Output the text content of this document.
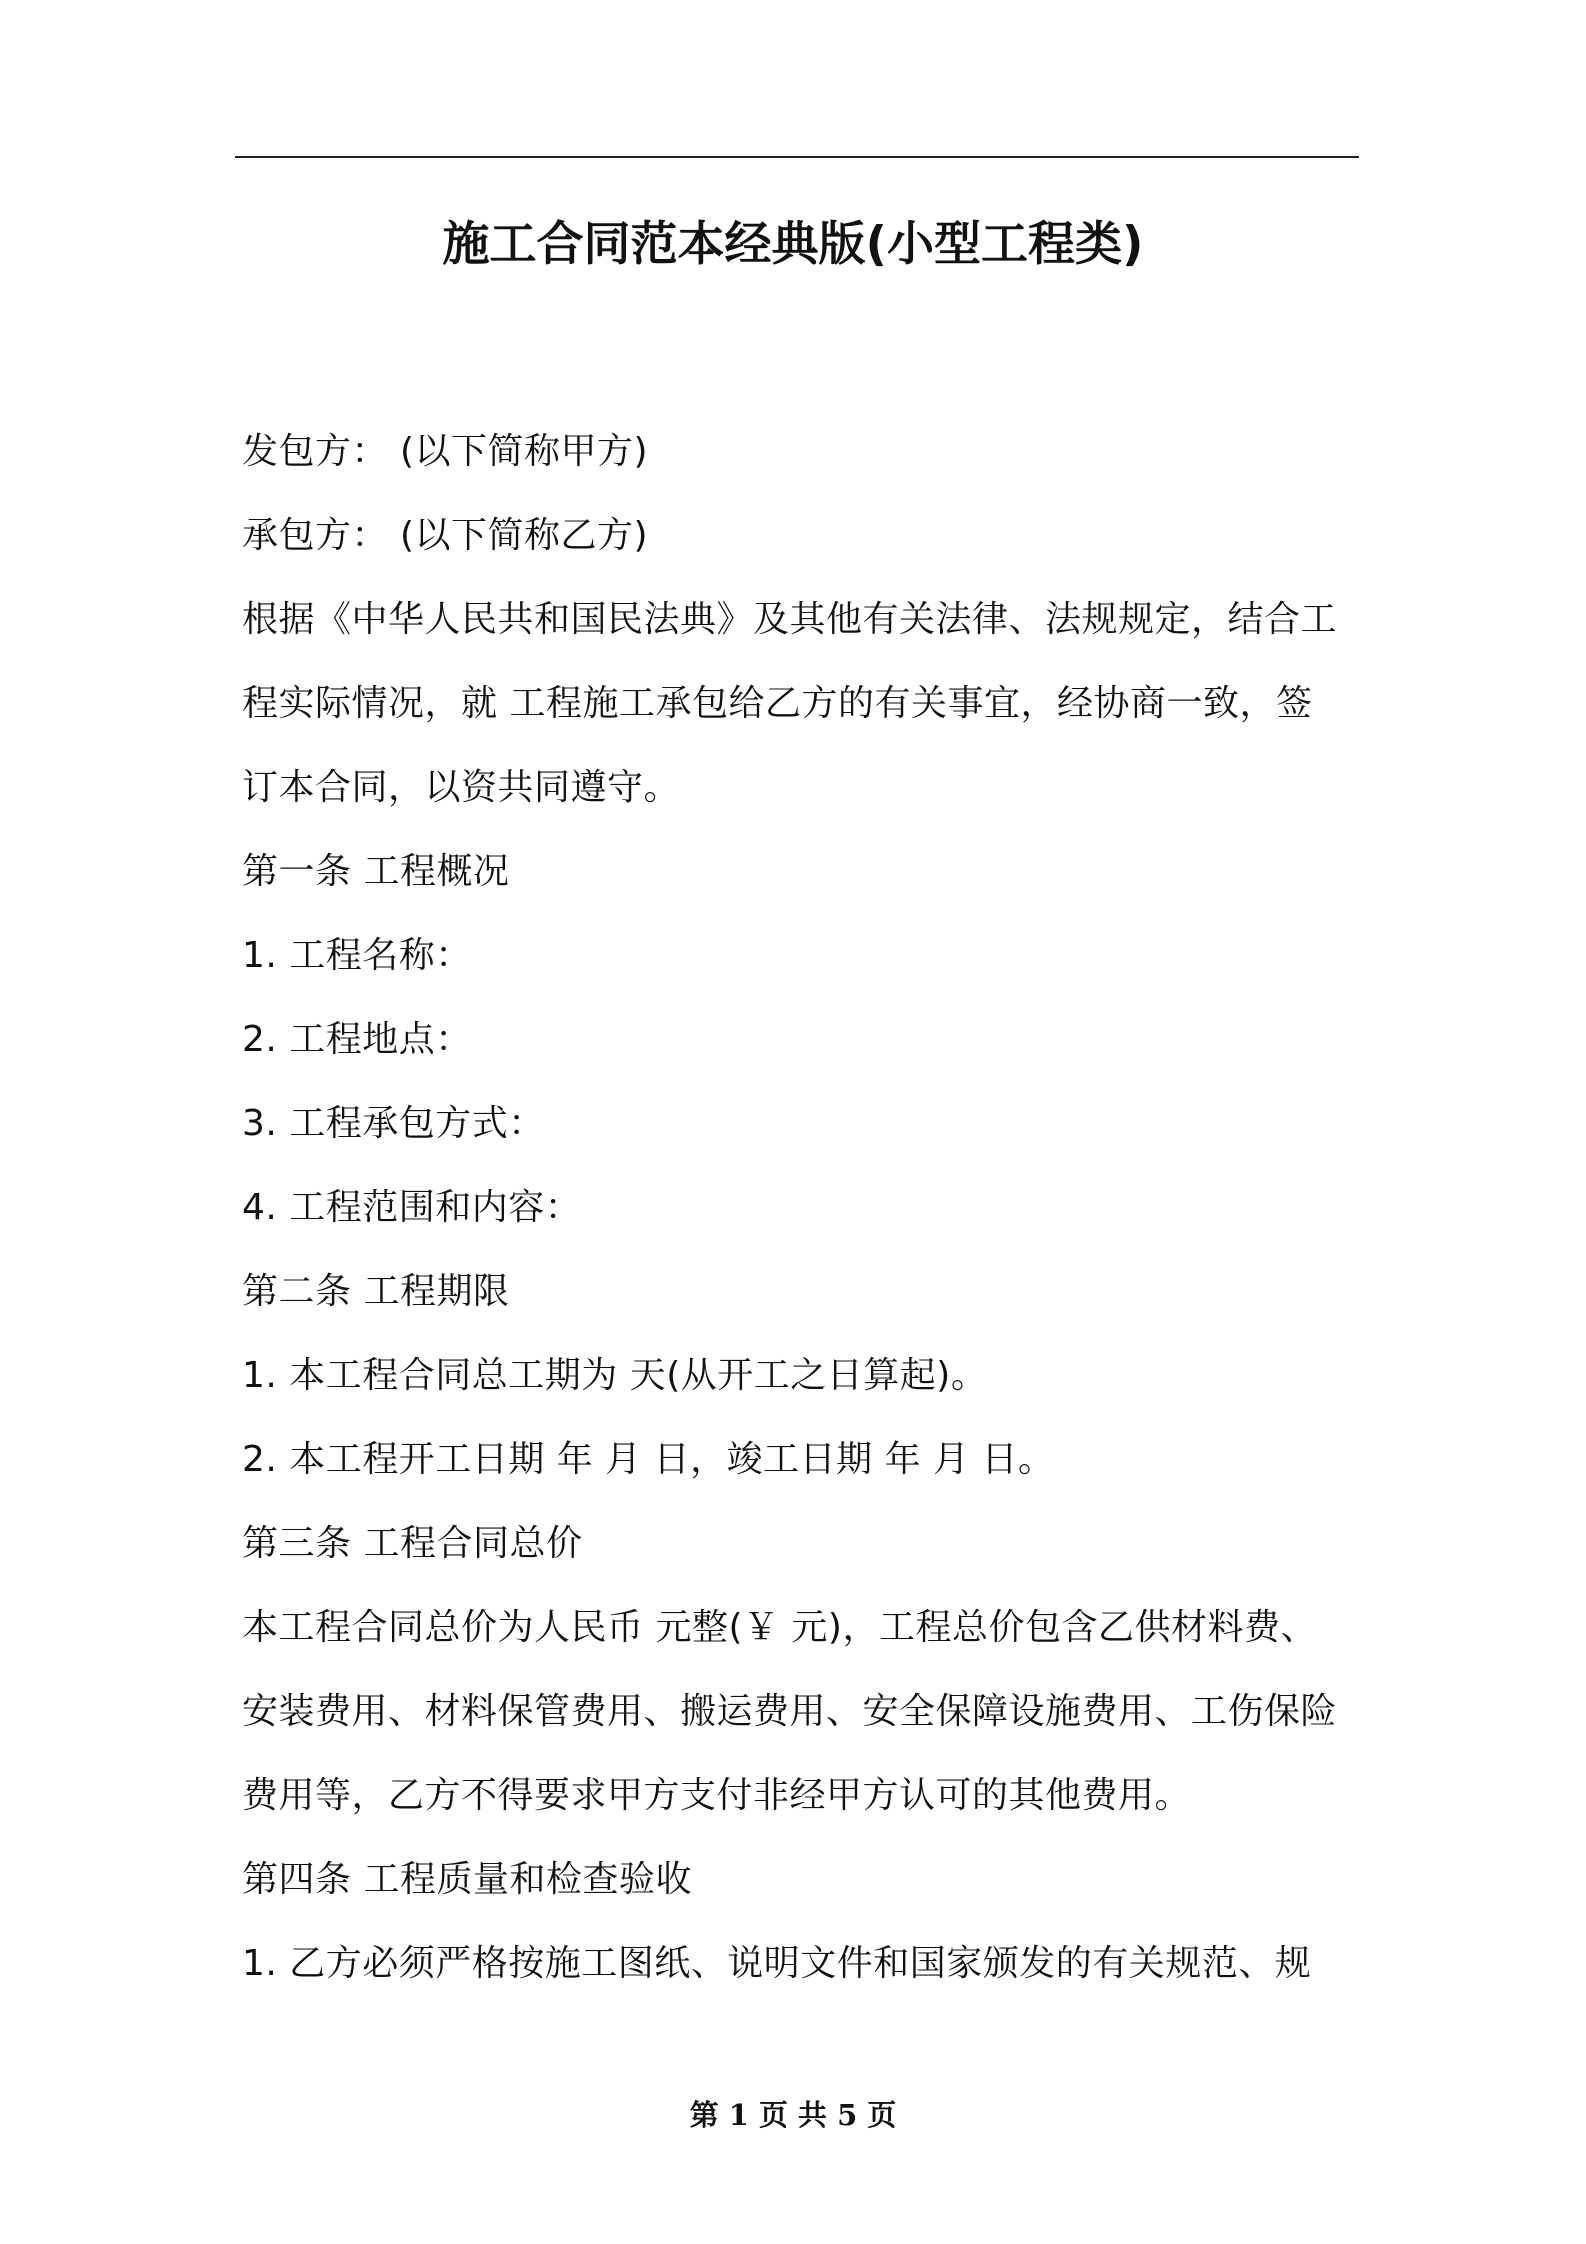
施工合同范本经典版(小型工程类)
发包方： (以下简称甲方)
承包方： (以下简称乙方)
根据《中华人民共和国民法典》及其他有关法律、法规规定，结合工
程实际情况，就 工程施工承包给乙方的有关事宜，经协商一致，签
订本合同，以资共同遵守。
第一条 工程概况
1. 工程名称：
2. 工程地点：
3. 工程承包方式：
4. 工程范围和内容：
第二条 工程期限
1. 本工程合同总工期为 天(从开工之日算起)。
2. 本工程开工日期 年 月 日，竣工日期 年 月 日。
第三条 工程合同总价
本工程合同总价为人民币 元整(￥ 元)，工程总价包含乙供材料费、
安装费用、材料保管费用、搬运费用、安全保障设施费用、工伤保险
费用等，乙方不得要求甲方支付非经甲方认可的其他费用。
第四条 工程质量和检查验收
1. 乙方必须严格按施工图纸、说明文件和国家颁发的有关规范、规
第 1 页 共 5 页
